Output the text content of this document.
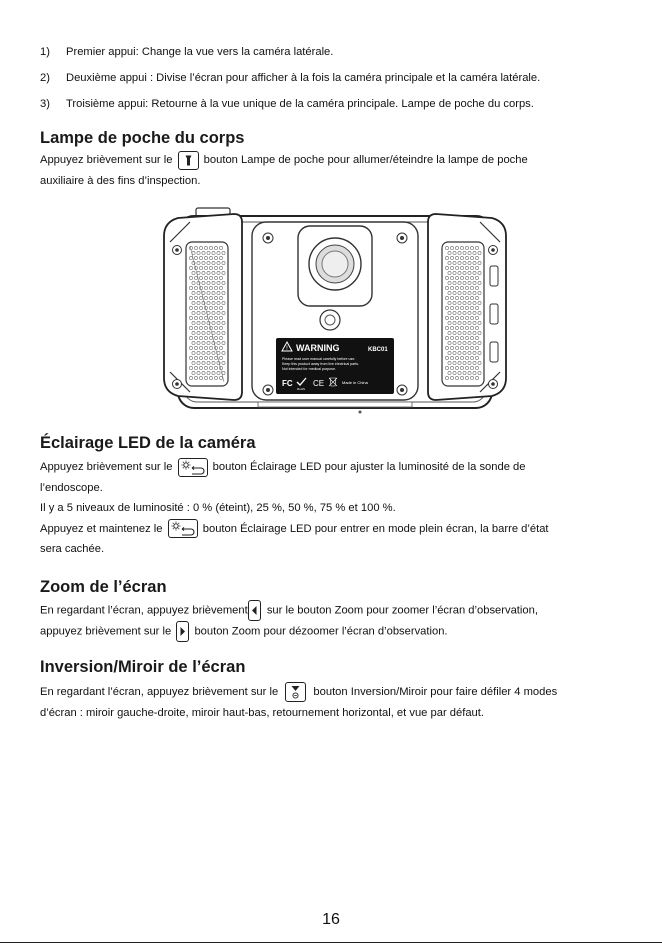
1) Premier appui: Change la vue vers la caméra latérale.
2) Deuxième appui : Divise l’écran pour afficher à la fois la caméra principale et la caméra latérale.
3) Troisième appui: Retourne à la vue unique de la caméra principale. Lampe de poche du corps.
Lampe de poche du corps
Appuyez brièvement sur le	bouton Lampe de poche pour allumer/éteindre la lampe de poche
auxiliaire à des fins d’inspection.
! WARNING	KBC01
Please read user manual carefully before use.
Keep this product away from live electrical parts.
Not intended for medical purpose.
FC
RoHS
CE	Made in China
Éclairage LED de la caméra
Appuyez brièvement sur le	bouton Éclairage LED pour ajuster la luminosité de la sonde de
l’endoscope.
Il y a 5 niveaux de luminosité : 0 % (éteint), 25 %, 50 %, 75 % et 100 %.
Appuyez et maintenez le	bouton Éclairage LED pour entrer en mode plein écran, la barre d’état
sera cachée.
Zoom de l’écran
En regardant l’écran, appuyez brièvement sur le bouton Zoom pour zoomer l’écran d’observation,
appuyez brièvement sur le bouton Zoom pour dézoomer l’écran d’observation.
Inversion/Miroir de l’écran
En regardant l’écran, appuyez brièvement sur le	bouton Inversion/Miroir pour faire défiler 4 modes
d’écran : miroir gauche-droite, miroir haut-bas, retournement horizontal, et vue par défaut.
16
